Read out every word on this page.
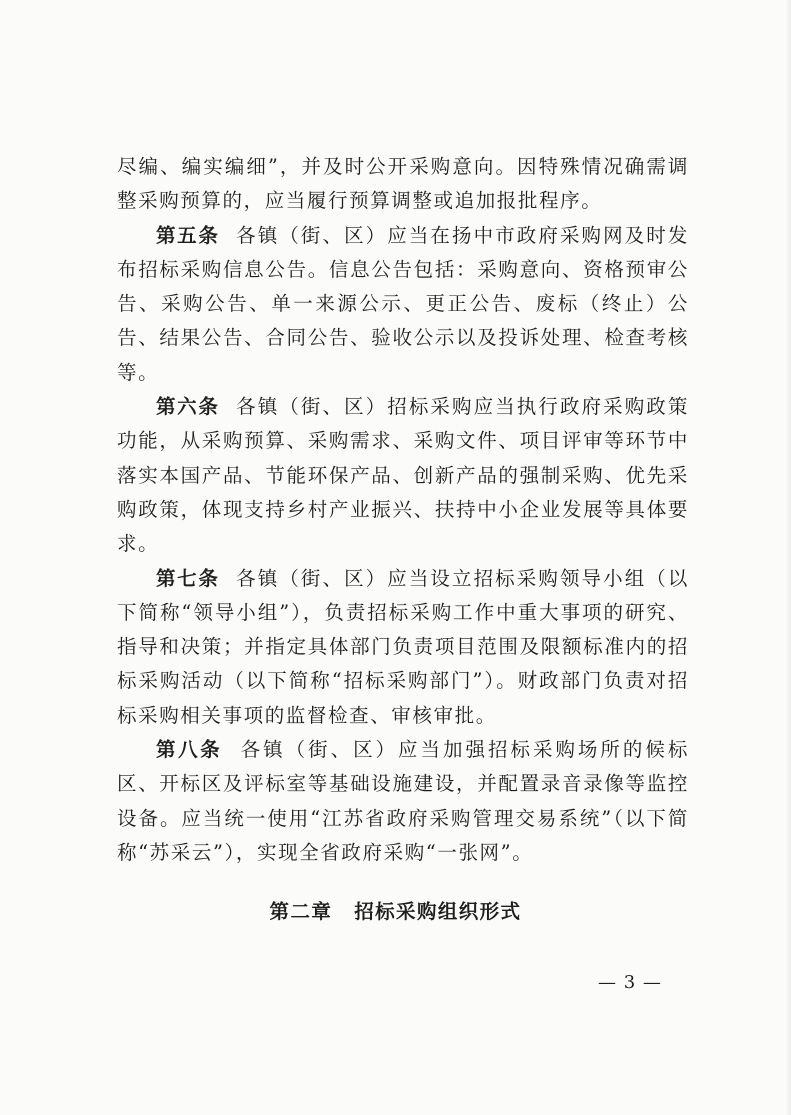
尽编、编实编细”，并及时公开采购意向。因特殊情况确需调整采购预算的，应当履行预算调整或追加报批程序。

第五条 各镇（街、区）应当在扬中市政府采购网及时发布招标采购信息公告。信息公告包括：采购意向、资格预审公告、采购公告、单一来源公示、更正公告、废标（终止）公告、结果公告、合同公告、验收公示以及投诉处理、检查考核等。

第六条 各镇（街、区）招标采购应当执行政府采购政策功能，从采购预算、采购需求、采购文件、项目评审等环节中落实本国产品、节能环保产品、创新产品的强制采购、优先采购政策，体现支持乡村产业振兴、扶持中小企业发展等具体要求。

第七条 各镇（街、区）应当设立招标采购领导小组（以下简称“领导小组”），负责招标采购工作中重大事项的研究、指导和决策；并指定具体部门负责项目范围及限额标准内的招标采购活动（以下简称“招标采购部门”）。财政部门负责对招标采购相关事项的监督检查、审核审批。

第八条 各镇（街、区）应当加强招标采购场所的候标区、开标区及评标室等基础设施建设，并配置录音录像等监控设备。应当统一使用“江苏省政府采购管理交易系统”（以下简称“苏采云”），实现全省政府采购“一张网”。

第二章 招标采购组织形式
— 3 —
